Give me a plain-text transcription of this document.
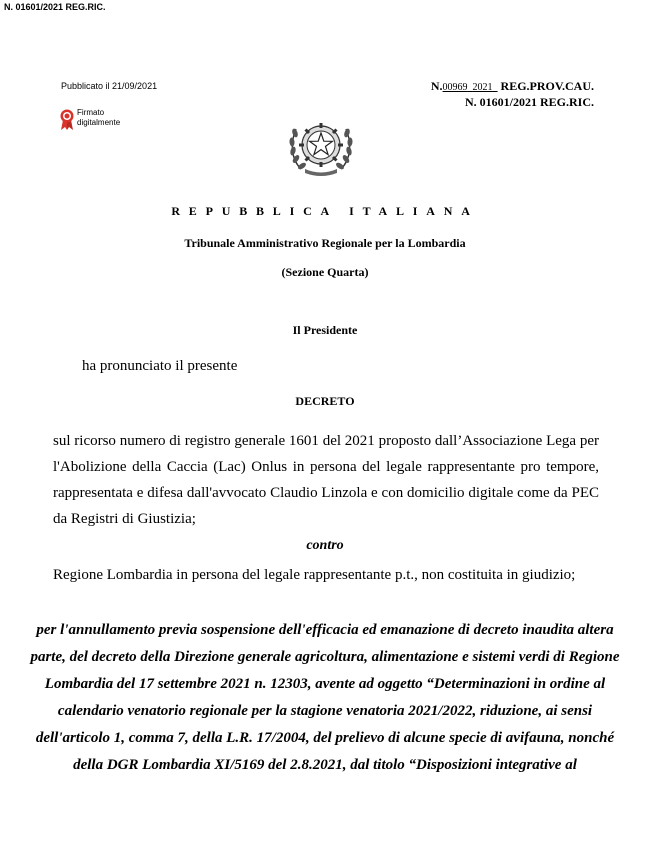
N. 01601/2021 REG.RIC.
Pubblicato il 21/09/2021
Firmato digitalmente
N.00969 2021 REG.PROV.CAU.
N. 01601/2021 REG.RIC.
REPUBBLICA ITALIANA
Tribunale Amministrativo Regionale per la Lombardia
(Sezione Quarta)
Il Presidente
ha pronunciato il presente
DECRETO
sul ricorso numero di registro generale 1601 del 2021 proposto dall’Associazione Lega per l'Abolizione della Caccia (Lac) Onlus in persona del legale rappresentante pro tempore, rappresentata e difesa dall'avvocato Claudio Linzola e con domicilio digitale come da PEC da Registri di Giustizia;
contro
Regione Lombardia in persona del legale rappresentante p.t., non costituita in giudizio;
per l'annullamento previa sospensione dell'efficacia ed emanazione di decreto inaudita altera parte, del decreto della Direzione generale agricoltura, alimentazione e sistemi verdi di Regione Lombardia del 17 settembre 2021 n. 12303, avente ad oggetto “Determinazioni in ordine al calendario venatorio regionale per la stagione venatoria 2021/2022, riduzione, ai sensi dell'articolo 1, comma 7, della L.R. 17/2004, del prelievo di alcune specie di avifauna, nonché della DGR Lombardia XI/5169 del 2.8.2021, dal titolo “Disposizioni integrative al
